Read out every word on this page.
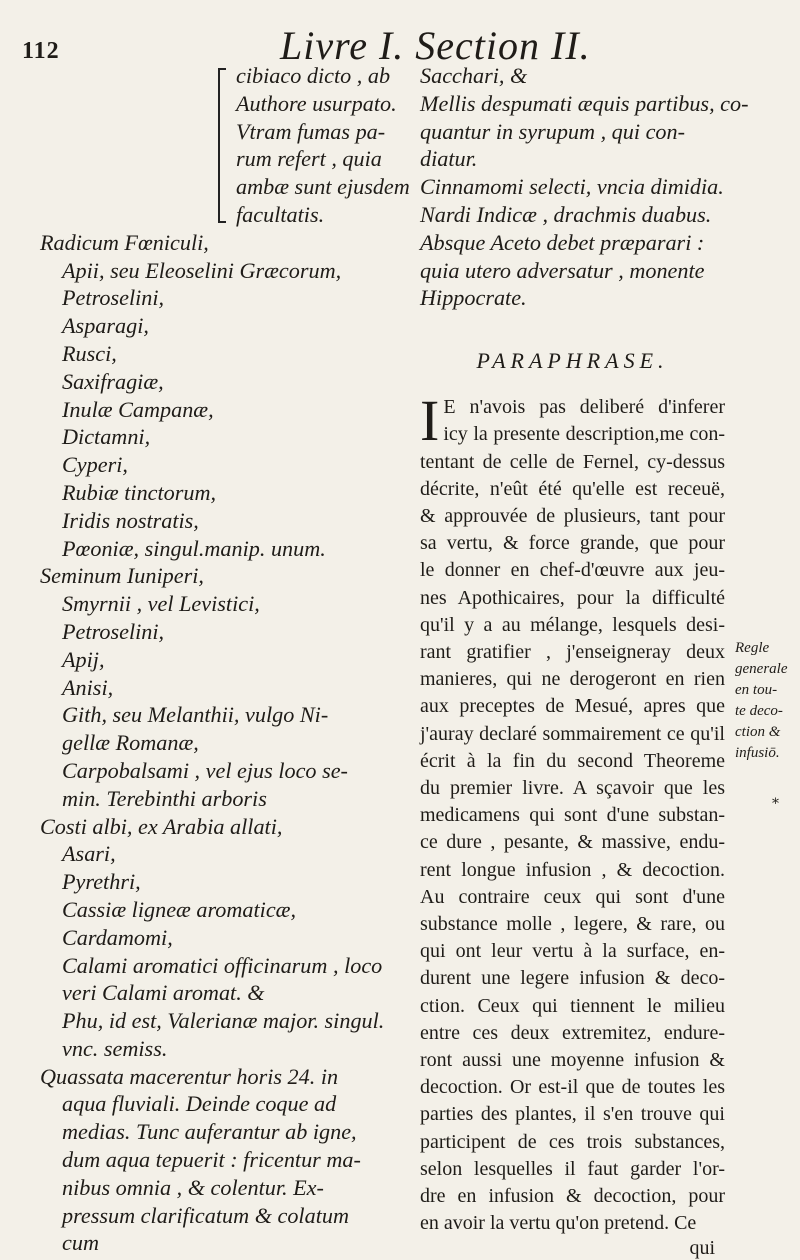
112	Livre I. Section II.
cibiaco dicto , ab
Authore usurpato.
Vtram fumas pa-
rum refert , quia
ambæ sunt ejusdem
facultatis.
Radicum Fœniculi,
Apii, seu Eleoselini Græcorum,
Petroselini,
Asparagi,
Rusci,
Saxifragiæ,
Inulæ Campanæ,
Dictamni,
Cyperi,
Rubiæ tinctorum,
Iridis nostratis,
Pœoniæ, singul.manip. unum.
Seminum Iuniperi,
Smyrnii , vel Levistici,
Petroselini,
Apij,
Anisi,
Gith, seu Melanthii, vulgo Ni-
gellæ Romanæ,
Carpobalsami , vel ejus loco se-
min. Terebinthi arboris
Costi albi, ex Arabia allati,
Asari,
Pyrethri,
Cassiæ ligneæ aromaticæ,
Cardamomi,
Calami aromatici officinarum , loco
veri Calami aromat. &
Phu, id est, Valerianæ major. singul.
vnc. semiss.
Quassata macerentur horis 24. in
aqua fluviali. Deinde coque ad
medias. Tunc auferantur ab igne,
dum aqua tepuerit : fricentur ma-
nibus omnia , & colentur. Ex-
pressum clarificatum & colatum
cum
Sacchari, &
Mellis despumati æquis partibus, co-
quantur in syrupum , qui con-
diatur.
Cinnamomi selecti, vncia dimidia.
Nardi Indicæ , drachmis duabus.
Absque Aceto debet præparari :
quia utero adversatur , monente
Hippocrate.
PARAPHRASE.
I E n'avois pas deliberé d'inferer
icy la presente description,me con-
tentant de celle de Fernel, cy-dessus
décrite, n'eût été qu'elle est receuë,
& approuvée de plusieurs, tant pour
sa vertu, & force grande, que pour
le donner en chef-d'œuvre aux jeu-
nes Apothicaires, pour la difficulté
qu'il y a au mélange, lesquels desi-
rant gratifier , j'enseigneray deux
manieres, qui ne derogeront en rien
aux preceptes de Mesué, apres que
j'auray declaré sommairement ce qu'il
écrit à la fin du second Theoreme
du premier livre. A sçavoir que les
medicamens qui sont d'une substan-
ce dure , pesante, & massive, endu-
rent longue infusion , & decoction.
Au contraire ceux qui sont d'une
substance molle , legere, & rare, ou
qui ont leur vertu à la surface, en-
durent une legere infusion & deco-
ction. Ceux qui tiennent le milieu
entre ces deux extremitez, endure-
ront aussi une moyenne infusion &
decoction. Or est-il que de toutes les
parties des plantes, il s'en trouve qui
participent de ces trois substances,
selon lesquelles il faut garder l'or-
dre en infusion & decoction, pour
en avoir la vertu qu'on pretend. Ce
qui
Regle
generale
en tou-
te deco-
ction &
infusiō.
*
